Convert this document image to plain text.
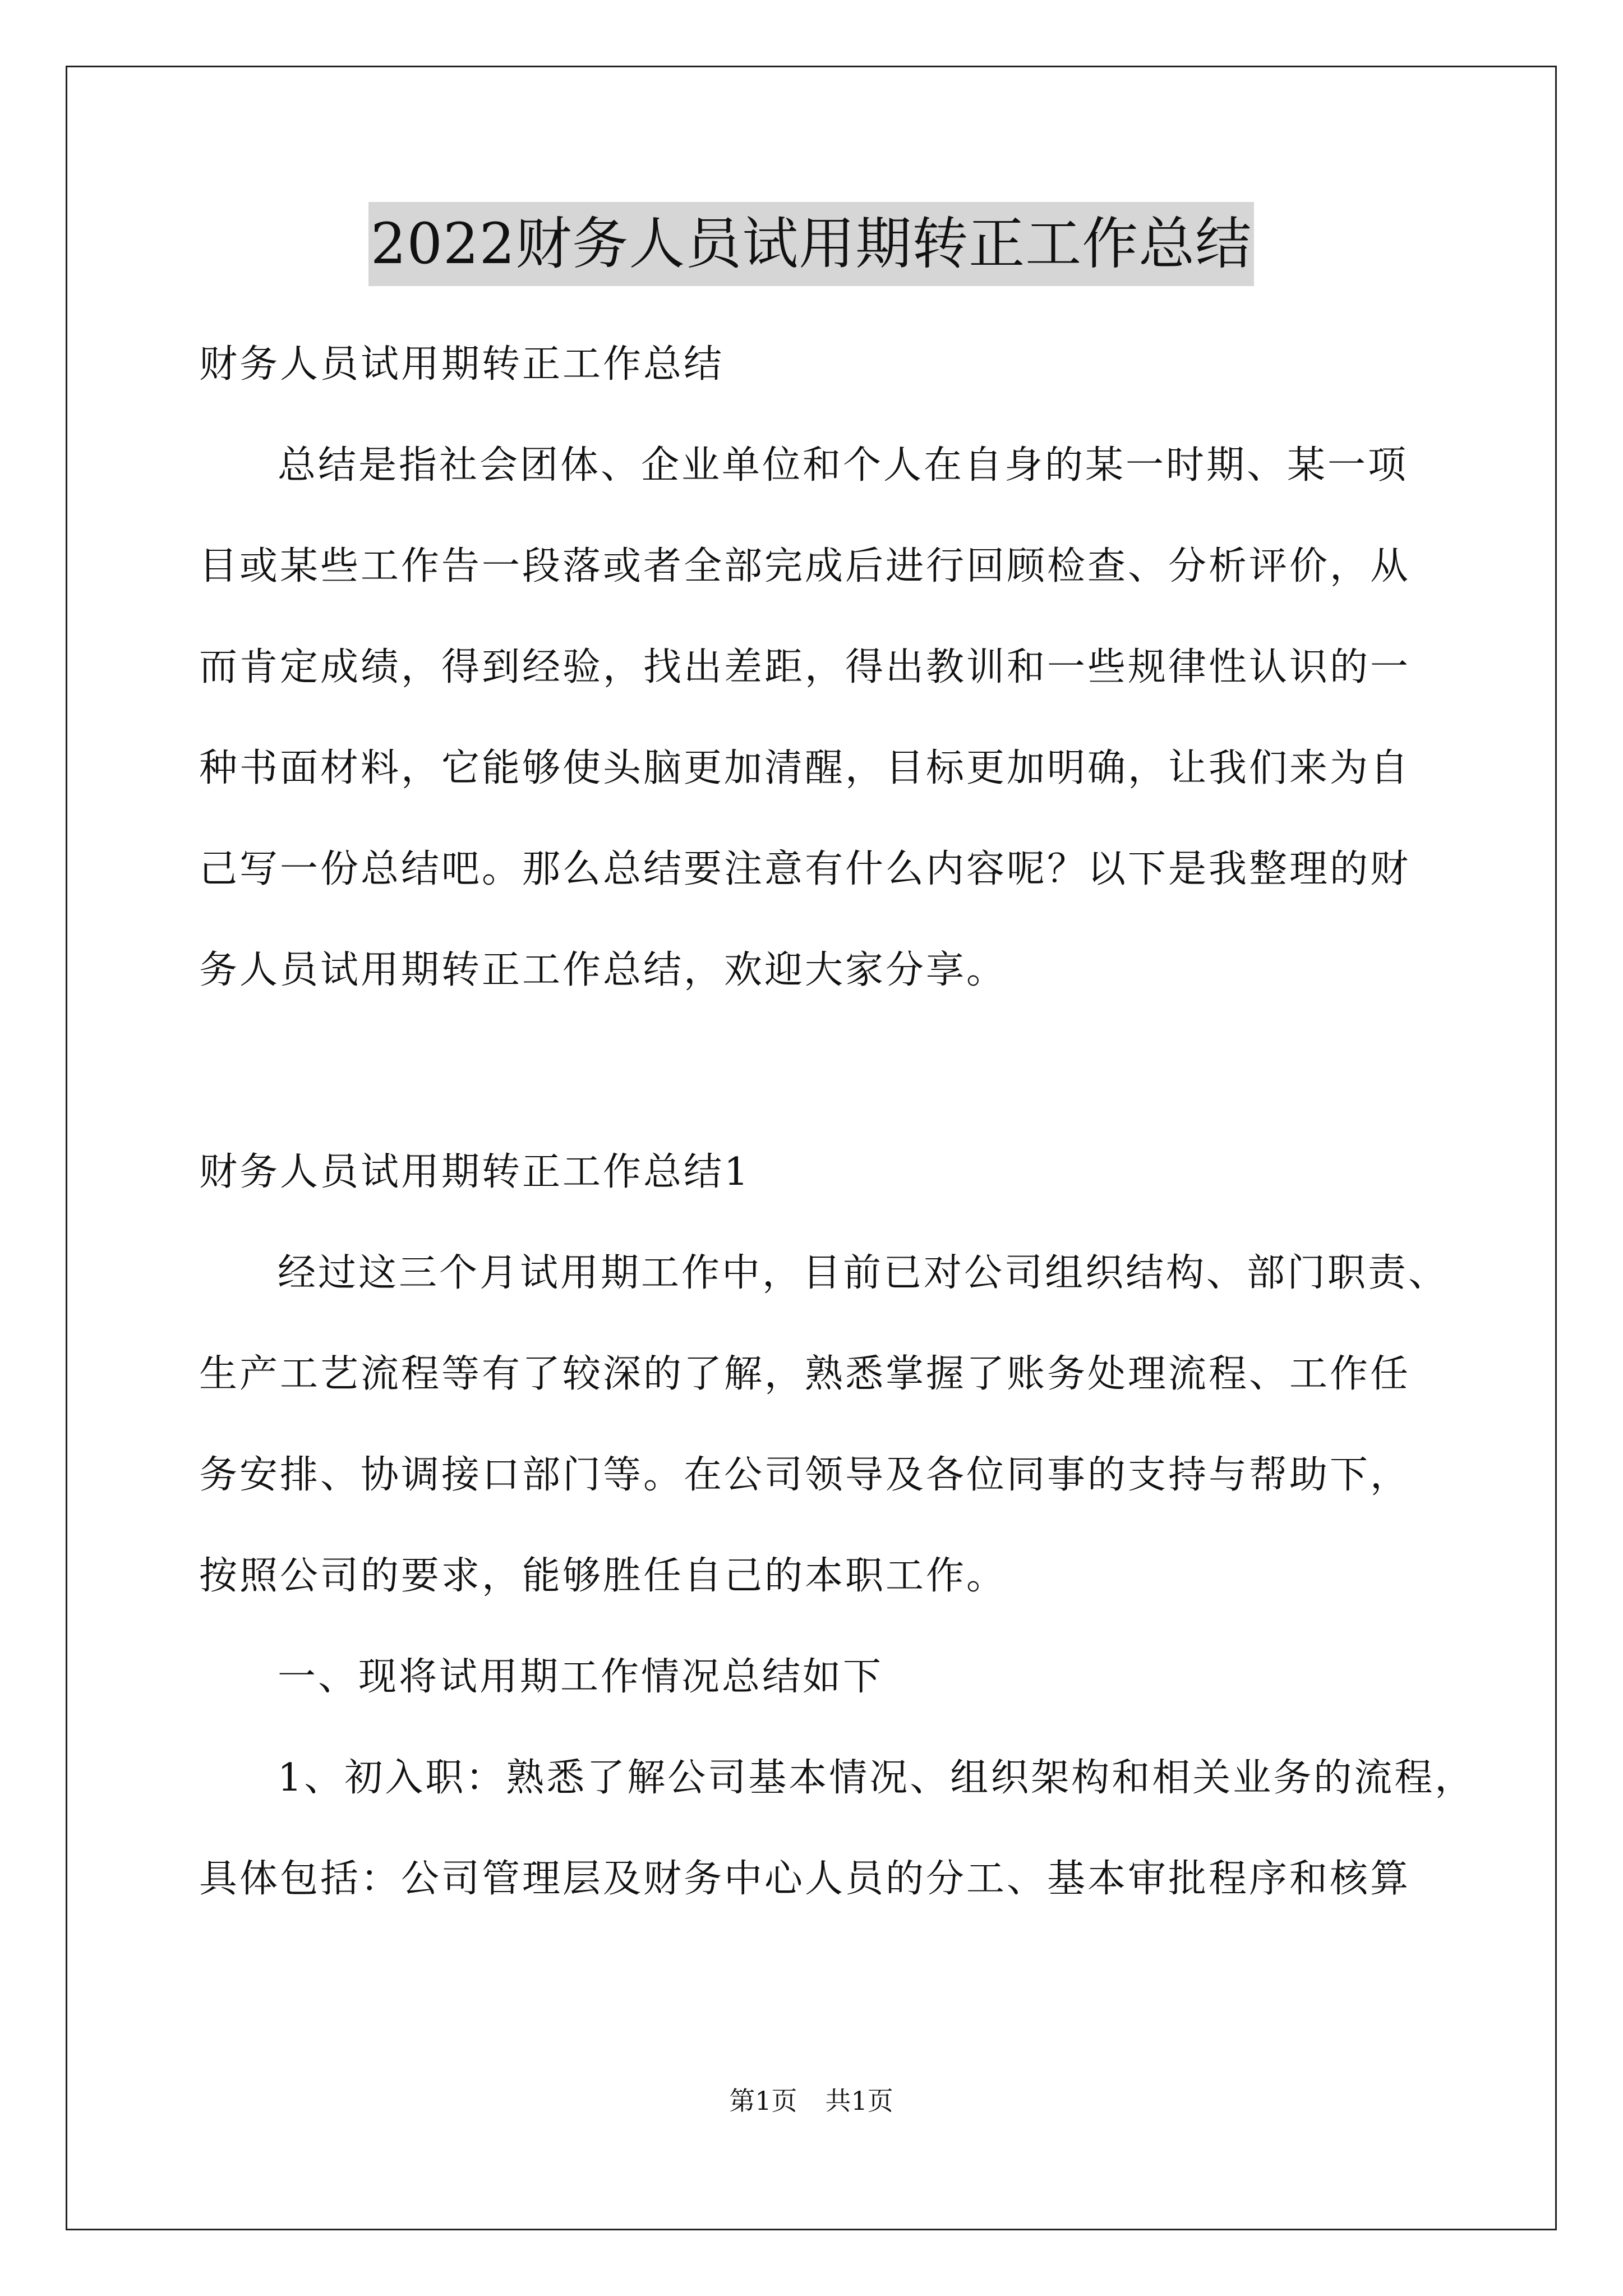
2022财务人员试用期转正工作总结
财务人员试用期转正工作总结
总结是指社会团体、企业单位和个人在自身的某一时期、某一项
目或某些工作告一段落或者全部完成后进行回顾检查、分析评价，从
而肯定成绩，得到经验，找出差距，得出教训和一些规律性认识的一
种书面材料，它能够使头脑更加清醒，目标更加明确，让我们来为自
己写一份总结吧。那么总结要注意有什么内容呢？以下是我整理的财
务人员试用期转正工作总结，欢迎大家分享。
财务人员试用期转正工作总结1
经过这三个月试用期工作中，目前已对公司组织结构、部门职责、
生产工艺流程等有了较深的了解，熟悉掌握了账务处理流程、工作任
务安排、协调接口部门等。在公司领导及各位同事的支持与帮助下，
按照公司的要求，能够胜任自己的本职工作。
一、现将试用期工作情况总结如下
1、初入职：熟悉了解公司基本情况、组织架构和相关业务的流程，
具体包括：公司管理层及财务中心人员的分工、基本审批程序和核算
第1页 共1页
